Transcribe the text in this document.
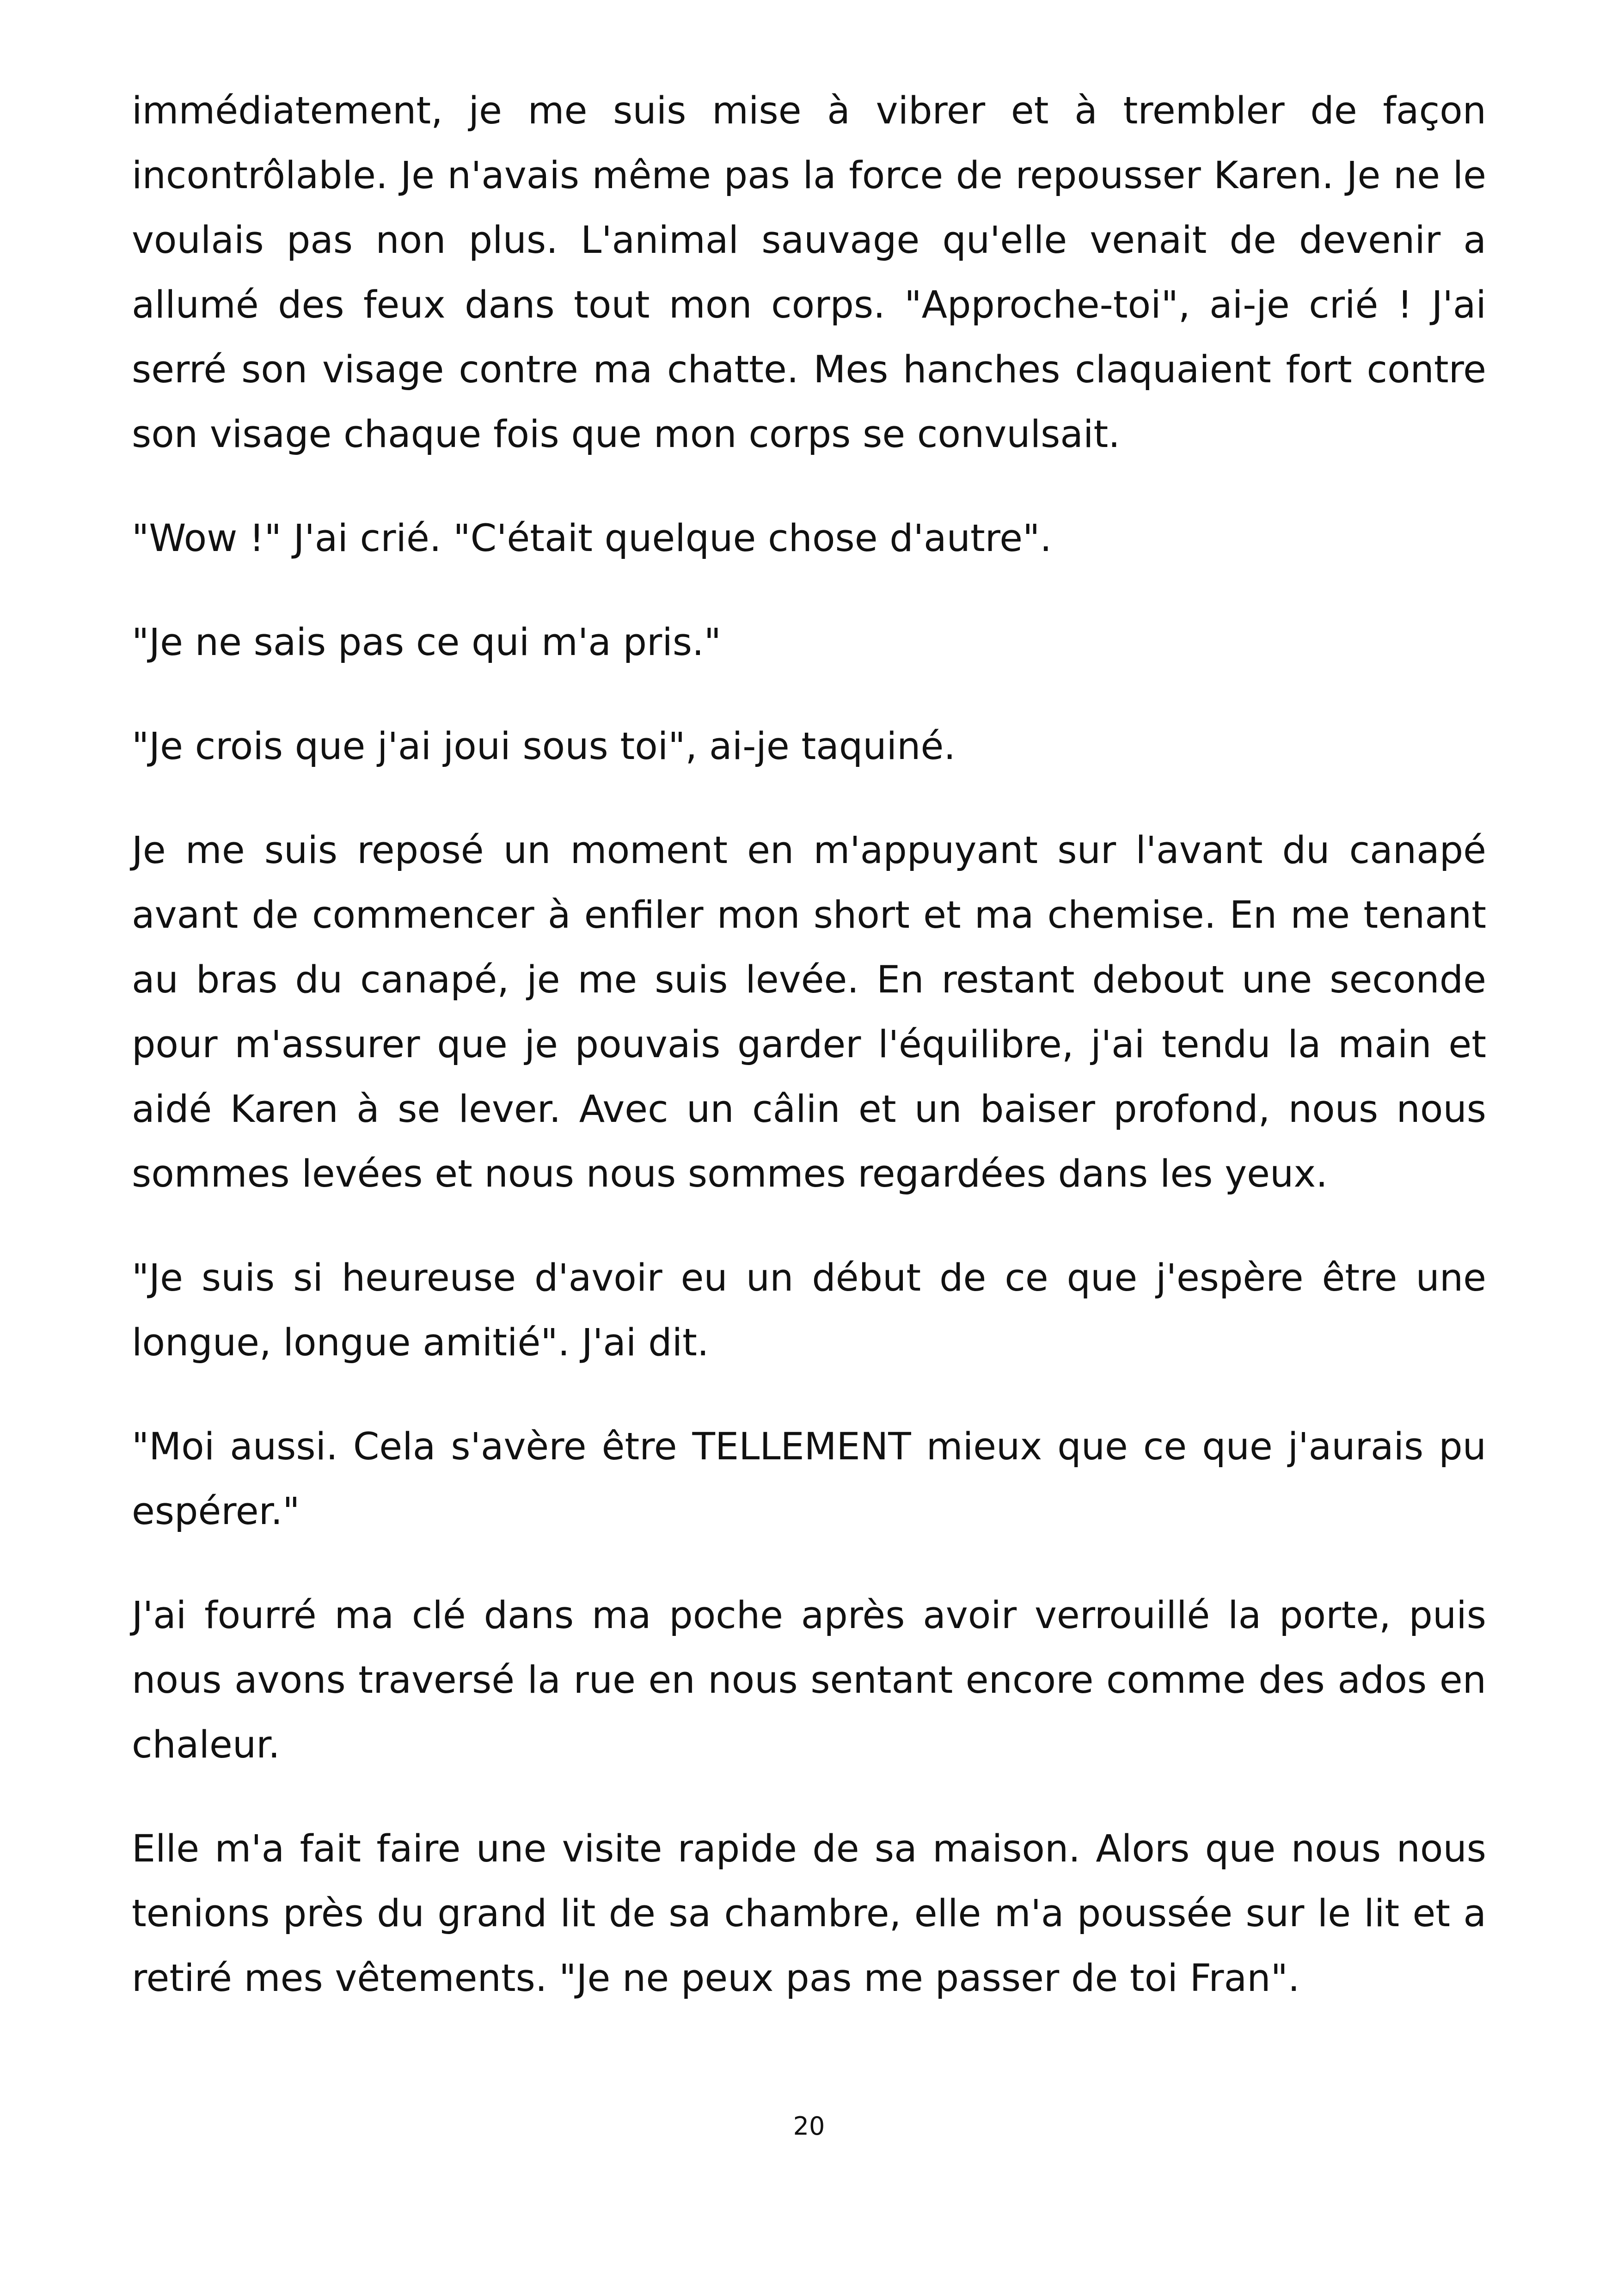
immédiatement, je me suis mise à vibrer et à trembler de façon incontrôlable. Je n'avais même pas la force de repousser Karen. Je ne le voulais pas non plus. L'animal sauvage qu'elle venait de devenir a allumé des feux dans tout mon corps. "Approche-toi", ai-je crié ! J'ai serré son visage contre ma chatte. Mes hanches claquaient fort contre son visage chaque fois que mon corps se convulsait.

"Wow !" J'ai crié. "C'était quelque chose d'autre".

"Je ne sais pas ce qui m'a pris."

"Je crois que j'ai joui sous toi", ai-je taquiné.

Je me suis reposé un moment en m'appuyant sur l'avant du canapé avant de commencer à enfiler mon short et ma chemise. En me tenant au bras du canapé, je me suis levée. En restant debout une seconde pour m'assurer que je pouvais garder l'équilibre, j'ai tendu la main et aidé Karen à se lever. Avec un câlin et un baiser profond, nous nous sommes levées et nous nous sommes regardées dans les yeux.

"Je suis si heureuse d'avoir eu un début de ce que j'espère être une longue, longue amitié". J'ai dit.

"Moi aussi. Cela s'avère être TELLEMENT mieux que ce que j'aurais pu espérer."

J'ai fourré ma clé dans ma poche après avoir verrouillé la porte, puis nous avons traversé la rue en nous sentant encore comme des ados en chaleur.

Elle m'a fait faire une visite rapide de sa maison. Alors que nous nous tenions près du grand lit de sa chambre, elle m'a poussée sur le lit et a retiré mes vêtements. "Je ne peux pas me passer de toi Fran".

20
